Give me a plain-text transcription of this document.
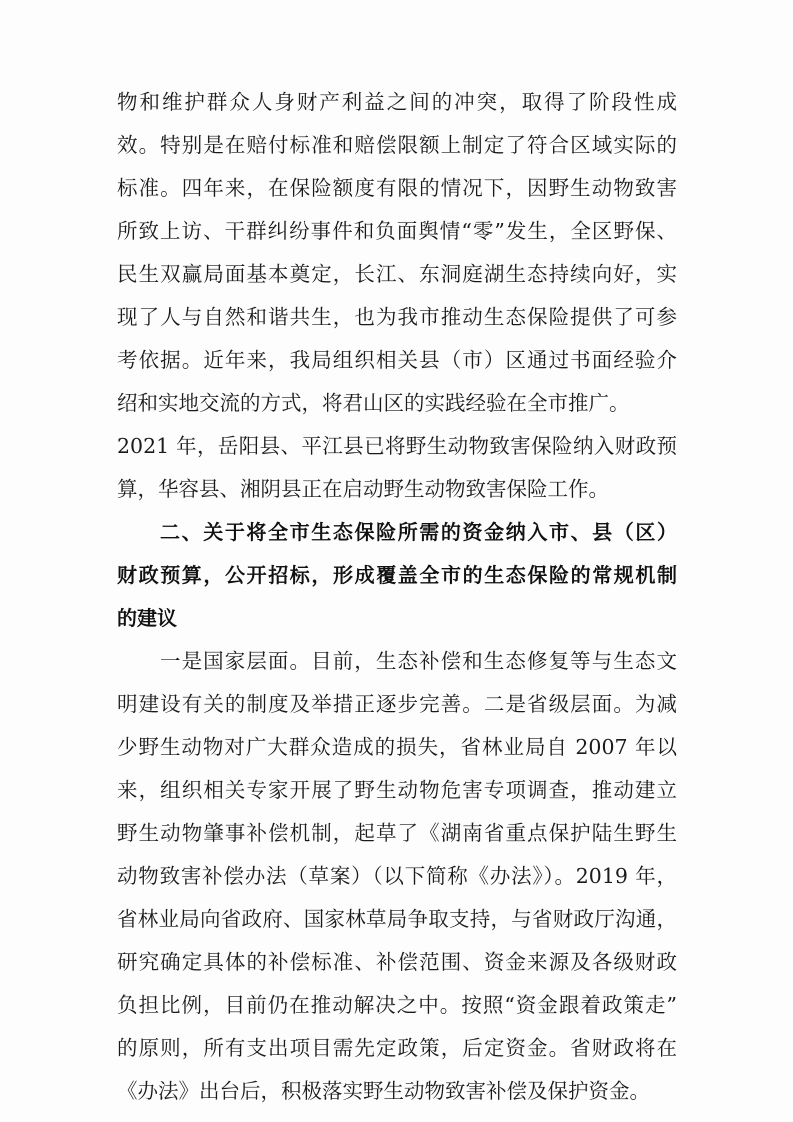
物和维护群众人身财产利益之间的冲突，取得了阶段性成
效。特别是在赔付标准和赔偿限额上制定了符合区域实际的
标准。四年来，在保险额度有限的情况下，因野生动物致害
所致上访、干群纠纷事件和负面舆情“零”发生，全区野保、
民生双赢局面基本奠定，长江、东洞庭湖生态持续向好，实
现了人与自然和谐共生，也为我市推动生态保险提供了可参
考依据。近年来，我局组织相关县（市）区通过书面经验介
绍和实地交流的方式，将君山区的实践经验在全市推广。
2021 年，岳阳县、平江县已将野生动物致害保险纳入财政预
算，华容县、湘阴县正在启动野生动物致害保险工作。
二、关于将全市生态保险所需的资金纳入市、县（区）
财政预算，公开招标，形成覆盖全市的生态保险的常规机制
的建议
一是国家层面。目前，生态补偿和生态修复等与生态文
明建设有关的制度及举措正逐步完善。二是省级层面。为减
少野生动物对广大群众造成的损失，省林业局自 2007 年以
来，组织相关专家开展了野生动物危害专项调查，推动建立
野生动物肇事补偿机制，起草了《湖南省重点保护陆生野生
动物致害补偿办法（草案）（以下简称《办法》）。2019 年，
省林业局向省政府、国家林草局争取支持，与省财政厅沟通，
研究确定具体的补偿标准、补偿范围、资金来源及各级财政
负担比例，目前仍在推动解决之中。按照“资金跟着政策走”
的原则，所有支出项目需先定政策，后定资金。省财政将在
《办法》出台后，积极落实野生动物致害补偿及保护资金。
